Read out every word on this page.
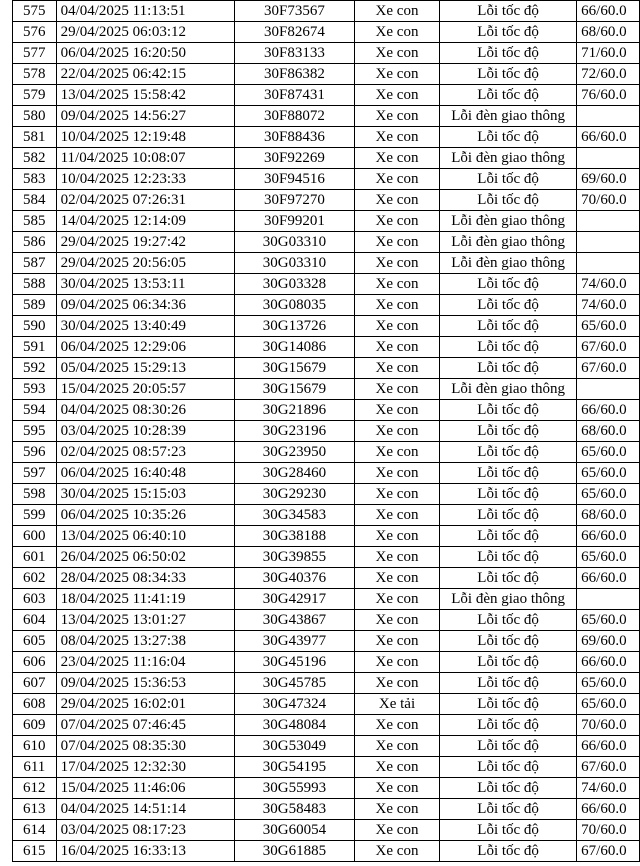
575	04/04/2025 11:13:51	30F73567	Xe con	Lỗi tốc độ	66/60.0
576	29/04/2025 06:03:12	30F82674	Xe con	Lỗi tốc độ	68/60.0
577	06/04/2025 16:20:50	30F83133	Xe con	Lỗi tốc độ	71/60.0
578	22/04/2025 06:42:15	30F86382	Xe con	Lỗi tốc độ	72/60.0
579	13/04/2025 15:58:42	30F87431	Xe con	Lỗi tốc độ	76/60.0
580	09/04/2025 14:56:27	30F88072	Xe con	Lỗi đèn giao thông	
581	10/04/2025 12:19:48	30F88436	Xe con	Lỗi tốc độ	66/60.0
582	11/04/2025 10:08:07	30F92269	Xe con	Lỗi đèn giao thông	
583	10/04/2025 12:23:33	30F94516	Xe con	Lỗi tốc độ	69/60.0
584	02/04/2025 07:26:31	30F97270	Xe con	Lỗi tốc độ	70/60.0
585	14/04/2025 12:14:09	30F99201	Xe con	Lỗi đèn giao thông	
586	29/04/2025 19:27:42	30G03310	Xe con	Lỗi đèn giao thông	
587	29/04/2025 20:56:05	30G03310	Xe con	Lỗi đèn giao thông	
588	30/04/2025 13:53:11	30G03328	Xe con	Lỗi tốc độ	74/60.0
589	09/04/2025 06:34:36	30G08035	Xe con	Lỗi tốc độ	74/60.0
590	30/04/2025 13:40:49	30G13726	Xe con	Lỗi tốc độ	65/60.0
591	06/04/2025 12:29:06	30G14086	Xe con	Lỗi tốc độ	67/60.0
592	05/04/2025 15:29:13	30G15679	Xe con	Lỗi tốc độ	67/60.0
593	15/04/2025 20:05:57	30G15679	Xe con	Lỗi đèn giao thông	
594	04/04/2025 08:30:26	30G21896	Xe con	Lỗi tốc độ	66/60.0
595	03/04/2025 10:28:39	30G23196	Xe con	Lỗi tốc độ	68/60.0
596	02/04/2025 08:57:23	30G23950	Xe con	Lỗi tốc độ	65/60.0
597	06/04/2025 16:40:48	30G28460	Xe con	Lỗi tốc độ	65/60.0
598	30/04/2025 15:15:03	30G29230	Xe con	Lỗi tốc độ	65/60.0
599	06/04/2025 10:35:26	30G34583	Xe con	Lỗi tốc độ	68/60.0
600	13/04/2025 06:40:10	30G38188	Xe con	Lỗi tốc độ	66/60.0
601	26/04/2025 06:50:02	30G39855	Xe con	Lỗi tốc độ	65/60.0
602	28/04/2025 08:34:33	30G40376	Xe con	Lỗi tốc độ	66/60.0
603	18/04/2025 11:41:19	30G42917	Xe con	Lỗi đèn giao thông	
604	13/04/2025 13:01:27	30G43867	Xe con	Lỗi tốc độ	65/60.0
605	08/04/2025 13:27:38	30G43977	Xe con	Lỗi tốc độ	69/60.0
606	23/04/2025 11:16:04	30G45196	Xe con	Lỗi tốc độ	66/60.0
607	09/04/2025 15:36:53	30G45785	Xe con	Lỗi tốc độ	65/60.0
608	29/04/2025 16:02:01	30G47324	Xe tải	Lỗi tốc độ	65/60.0
609	07/04/2025 07:46:45	30G48084	Xe con	Lỗi tốc độ	70/60.0
610	07/04/2025 08:35:30	30G53049	Xe con	Lỗi tốc độ	66/60.0
611	17/04/2025 12:32:30	30G54195	Xe con	Lỗi tốc độ	67/60.0
612	15/04/2025 11:46:06	30G55993	Xe con	Lỗi tốc độ	74/60.0
613	04/04/2025 14:51:14	30G58483	Xe con	Lỗi tốc độ	66/60.0
614	03/04/2025 08:17:23	30G60054	Xe con	Lỗi tốc độ	70/60.0
615	16/04/2025 16:33:13	30G61885	Xe con	Lỗi tốc độ	67/60.0
